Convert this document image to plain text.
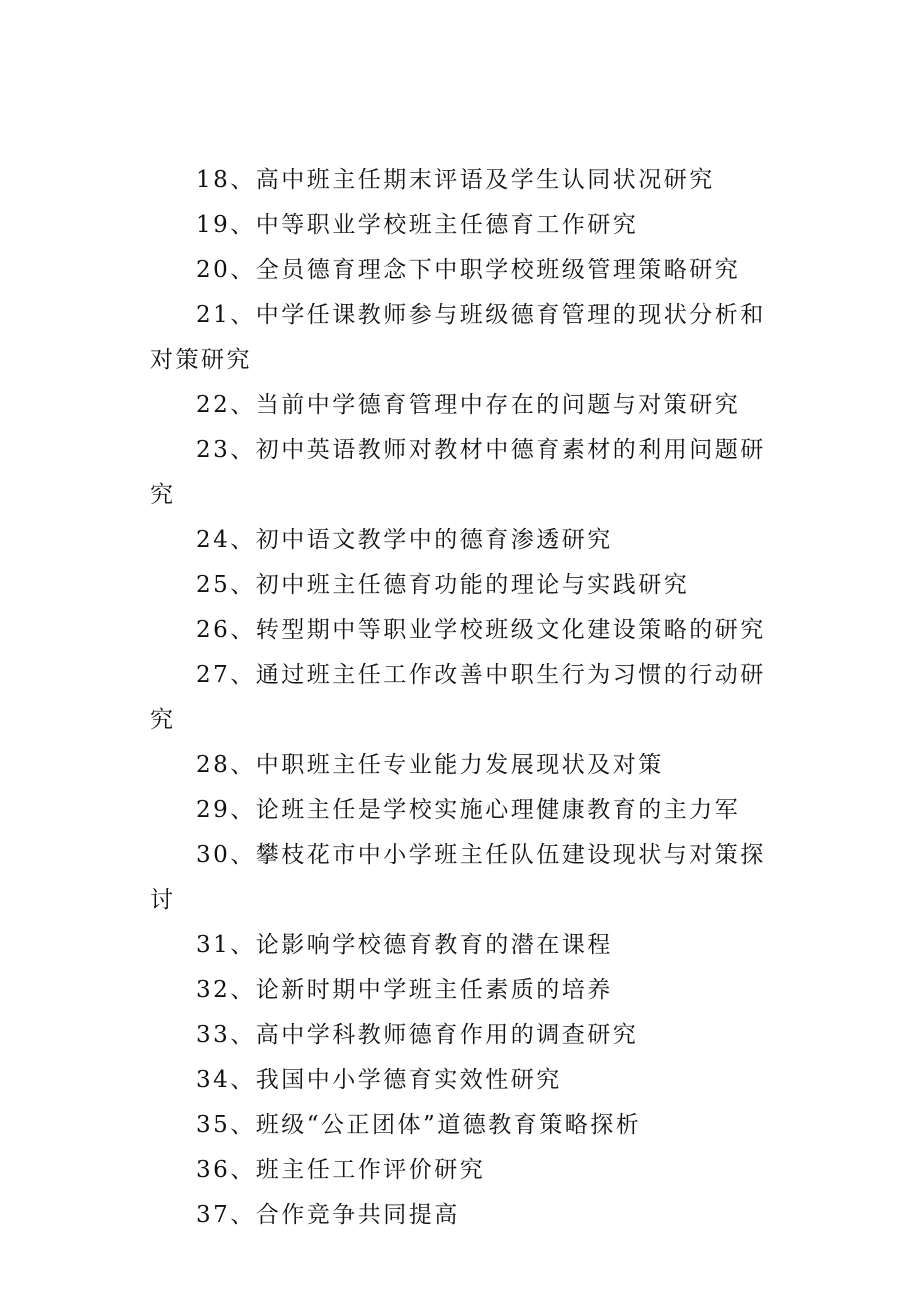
18、高中班主任期末评语及学生认同状况研究

19、中等职业学校班主任德育工作研究

20、全员德育理念下中职学校班级管理策略研究

21、中学任课教师参与班级德育管理的现状分析和对策研究

22、当前中学德育管理中存在的问题与对策研究

23、初中英语教师对教材中德育素材的利用问题研究

24、初中语文教学中的德育渗透研究

25、初中班主任德育功能的理论与实践研究

26、转型期中等职业学校班级文化建设策略的研究

27、通过班主任工作改善中职生行为习惯的行动研究

28、中职班主任专业能力发展现状及对策

29、论班主任是学校实施心理健康教育的主力军

30、攀枝花市中小学班主任队伍建设现状与对策探讨

31、论影响学校德育教育的潜在课程

32、论新时期中学班主任素质的培养

33、高中学科教师德育作用的调查研究

34、我国中小学德育实效性研究

35、班级“公正团体”道德教育策略探析

36、班主任工作评价研究

37、合作竞争共同提高
